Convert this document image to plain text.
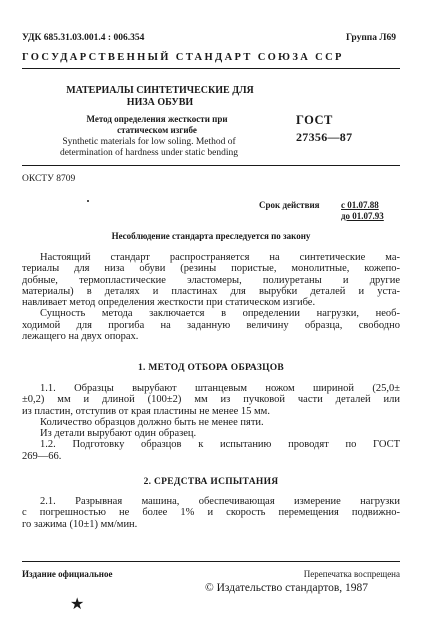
УДК 685.31.03.001.4 : 006.354	Группа Л69
ГОСУДАРСТВЕННЫЙ СТАНДАРТ СОЮЗА ССР
МАТЕРИАЛЫ СИНТЕТИЧЕСКИЕ ДЛЯ
НИЗА ОБУВИ
Метод определения жесткости при
статическом изгибе
Synthetic materials for low soling. Method of
determination of hardness under static bending
ГОСТ
27356—87
ОКСТУ 8709
Срок действия с 01.07.88
до 01.07.93
Несоблюдение стандарта преследуется по закону
Настоящий стандарт распространяется на синтетические ма-
териалы для низа обуви (резины пористые, монолитные, кожепо-
добные, термопластические эластомеры, полиуретаны и другие
материалы) в деталях и пластинах для вырубки деталей и уста-
навливает метод определения жесткости при статическом изгибе.
Сущность метода заключается в определении нагрузки, необ-
ходимой для прогиба на заданную величину образца, свободно
лежащего на двух опорах.
1. МЕТОД ОТБОРА ОБРАЗЦОВ
1.1. Образцы вырубают штанцевым ножом шириной (25,0±
±0,2) мм и длиной (100±2) мм из пучковой части деталей или
из пластин, отступив от края пластины не менее 15 мм.
Количество образцов должно быть не менее пяти.
Из детали вырубают один образец.
1.2. Подготовку образцов к испытанию проводят по ГОСТ
269—66.
2. СРЕДСТВА ИСПЫТАНИЯ
2.1. Разрывная машина, обеспечивающая измерение нагрузки
с погрешностью не более 1% и скорость перемещения подвижно-
го зажима (10±1) мм/мин.
Издание официальное	Перепечатка воспрещена
© Издательство стандартов, 1987
★
